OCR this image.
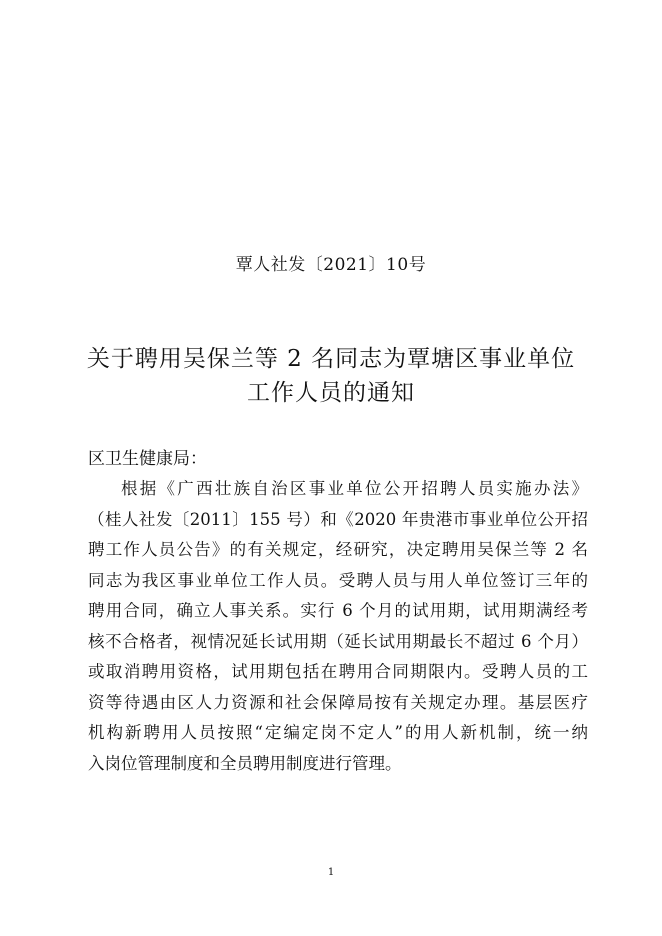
覃人社发〔2021〕10号
关于聘用吴保兰等 2 名同志为覃塘区事业单位
工作人员的通知
区卫生健康局：
根据《广西壮族自治区事业单位公开招聘人员实施办法》
（桂人社发〔2011〕155 号）和《2020 年贵港市事业单位公开招
聘工作人员公告》的有关规定，经研究，决定聘用吴保兰等 2 名
同志为我区事业单位工作人员。受聘人员与用人单位签订三年的
聘用合同，确立人事关系。实行 6 个月的试用期，试用期满经考
核不合格者，视情况延长试用期（延长试用期最长不超过 6 个月）
或取消聘用资格，试用期包括在聘用合同期限内。受聘人员的工
资等待遇由区人力资源和社会保障局按有关规定办理。基层医疗
机构新聘用人员按照“定编定岗不定人”的用人新机制，统一纳
入岗位管理制度和全员聘用制度进行管理。
1
